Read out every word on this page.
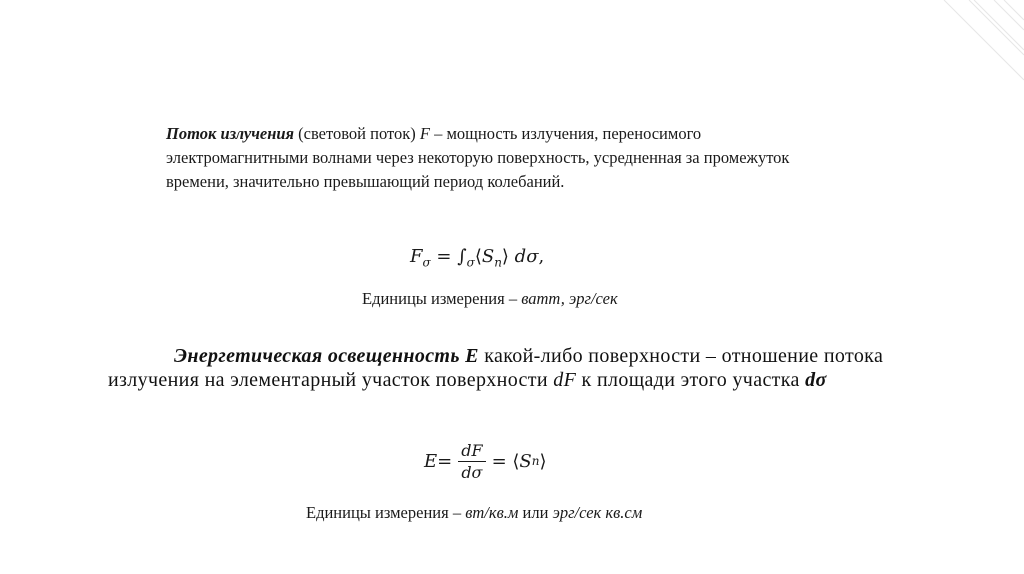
Поток излучения (световой поток) F – мощность излучения, переносимого электромагнитными волнами через некоторую поверхность, усредненная за промежуток времени, значительно превышающий период колебаний.
$F_\sigma$ = $\int_\sigma⟨S_n⟩$ dσ,
Единицы измерения – ватт, эрг/сек
Энергетическая освещенность E какой-либо поверхности – отношение потока излучения на элементарный участок поверхности dF к площади этого участка dσ
$E = \frac{dF}{d\sigma}$ = ⟨ S n ⟩
Единицы измерения – вт/кв.м или эрг/сек кв.см
